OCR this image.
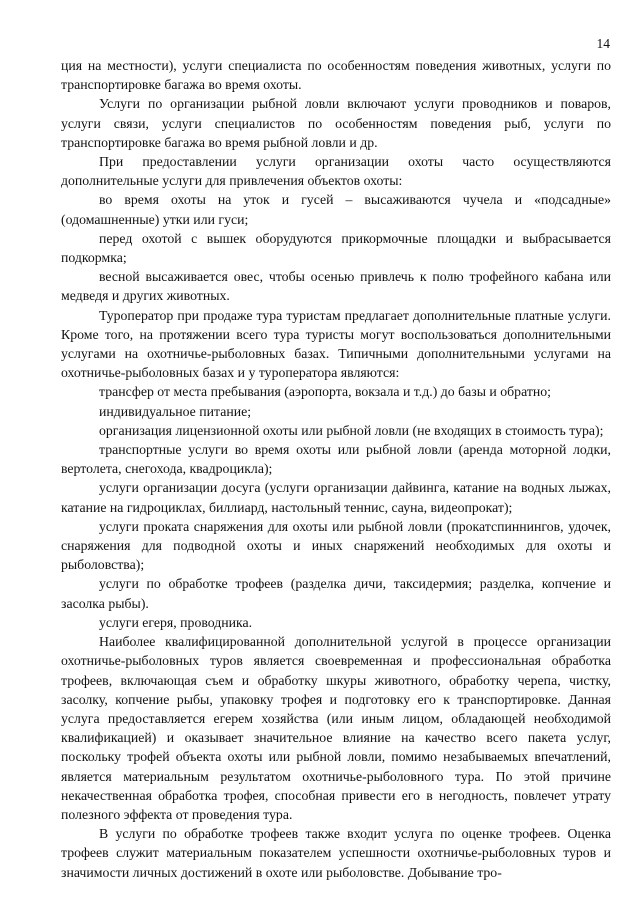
14

ция на местности), услуги специалиста по особенностям поведения животных, услуги по транспортировке багажа во время охоты.

Услуги по организации рыбной ловли включают услуги проводников и поваров, услуги связи, услуги специалистов по особенностям поведения рыб, услуги по транспортировке багажа во время рыбной ловли и др.

При предоставлении услуги организации охоты часто осуществляются дополнительные услуги для привлечения объектов охоты:

во время охоты на уток и гусей – высаживаются чучела и «подсадные» (одомашненные) утки или гуси;

перед охотой с вышек оборудуются прикормочные площадки и выбрасывается подкормка;

весной высаживается овес, чтобы осенью привлечь к полю трофейного кабана или медведя и других животных.

Туроператор при продаже тура туристам предлагает дополнительные платные услуги. Кроме того, на протяжении всего тура туристы могут воспользоваться дополнительными услугами на охотничье-рыболовных базах. Типичными дополнительными услугами на охотничье-рыболовных базах и у туроператора являются:

трансфер от места пребывания (аэропорта, вокзала и т.д.) до базы и обратно;

индивидуальное питание;

организация лицензионной охоты или рыбной ловли (не входящих в стоимость тура);

транспортные услуги во время охоты или рыбной ловли (аренда моторной лодки, вертолета, снегохода, квадроцикла);

услуги организации досуга (услуги организации дайвинга, катание на водных лыжах, катание на гидроциклах, биллиард, настольный теннис, сауна, видеопрокат);

услуги проката снаряжения для охоты или рыбной ловли (прокатспиннингов, удочек, снаряжения для подводной охоты и иных снаряжений необходимых для охоты и рыболовства);

услуги по обработке трофеев (разделка дичи, таксидермия; разделка, копчение и засолка рыбы).

услуги егеря, проводника.

Наиболее квалифицированной дополнительной услугой в процессе организации охотничье-рыболовных туров является своевременная и профессиональная обработка трофеев, включающая съем и обработку шкуры животного, обработку черепа, чистку, засолку, копчение рыбы, упаковку трофея и подготовку его к транспортировке. Данная услуга предоставляется егерем хозяйства (или иным лицом, обладающей необходимой квалификацией) и оказывает значительное влияние на качество всего пакета услуг, поскольку трофей объекта охоты или рыбной ловли, помимо незабываемых впечатлений, является материальным результатом охотничье-рыболовного тура. По этой причине некачественная обработка трофея, способная привести его в негодность, повлечет утрату полезного эффекта от проведения тура.

В услуги по обработке трофеев также входит услуга по оценке трофеев. Оценка трофеев служит материальным показателем успешности охотничье-рыболовных туров и значимости личных достижений в охоте или рыболовстве. Добывание тро-
